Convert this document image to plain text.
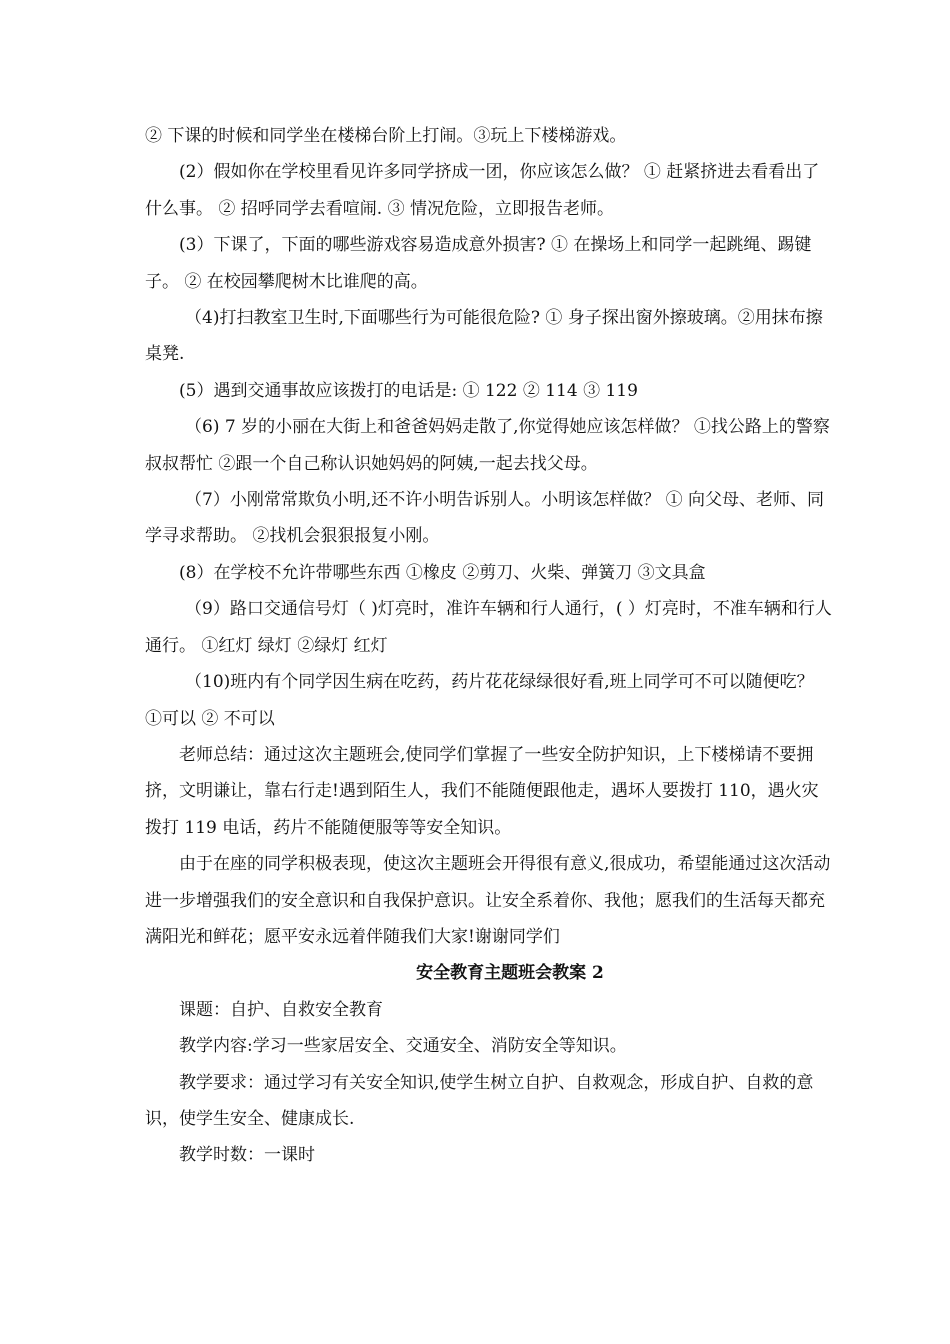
② 下课的时候和同学坐在楼梯台阶上打闹。③玩上下楼梯游戏。

(2）假如你在学校里看见许多同学挤成一团，你应该怎么做？ ① 赶紧挤进去看看出了什么事。 ② 招呼同学去看喧闹. ③ 情况危险，立即报告老师。

(3）下课了，下面的哪些游戏容易造成意外损害? ① 在操场上和同学一起跳绳、踢键子。 ② 在校园攀爬树木比谁爬的高。

（4)打扫教室卫生时,下面哪些行为可能很危险? ① 身子探出窗外擦玻璃。②用抹布擦桌凳.

(5）遇到交通事故应该拨打的电话是: ① 122 ② 114 ③ 119

（6) 7 岁的小丽在大街上和爸爸妈妈走散了,你觉得她应该怎样做？ ①找公路上的警察叔叔帮忙 ②跟一个自己称认识她妈妈的阿姨,一起去找父母。

（7）小刚常常欺负小明,还不许小明告诉别人。小明该怎样做？ ① 向父母、老师、同学寻求帮助。 ②找机会狠狠报复小刚。

(8）在学校不允许带哪些东西 ①橡皮 ②剪刀、火柴、弹簧刀 ③文具盒

（9）路口交通信号灯（ )灯亮时，准许车辆和行人通行，( ）灯亮时，不准车辆和行人通行。 ①红灯 绿灯 ②绿灯 红灯

（10)班内有个同学因生病在吃药，药片花花绿绿很好看,班上同学可不可以随便吃？ ①可以 ② 不可以

老师总结：通过这次主题班会,使同学们掌握了一些安全防护知识，上下楼梯请不要拥挤，文明谦让，靠右行走!遇到陌生人，我们不能随便跟他走，遇坏人要拨打 110，遇火灾拨打 119 电话，药片不能随便服等等安全知识。

由于在座的同学积极表现，使这次主题班会开得很有意义,很成功，希望能通过这次活动进一步增强我们的安全意识和自我保护意识。让安全系着你、我他；愿我们的生活每天都充满阳光和鲜花；愿平安永远着伴随我们大家!谢谢同学们

安全教育主题班会教案 2

课题：自护、自救安全教育

教学内容:学习一些家居安全、交通安全、消防安全等知识。

教学要求：通过学习有关安全知识,使学生树立自护、自救观念，形成自护、自救的意识，使学生安全、健康成长.

教学时数：一课时
